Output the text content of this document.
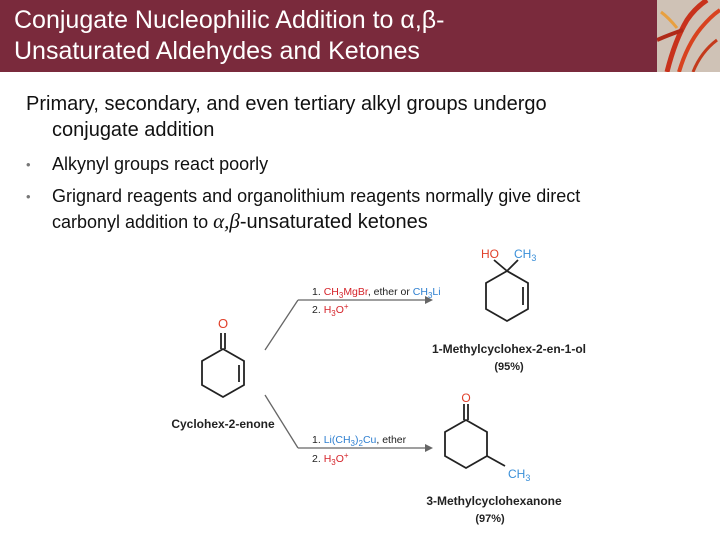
Conjugate Nucleophilic Addition to α,β-
Unsaturated Aldehydes and Ketones
Primary, secondary, and even tertiary alkyl groups undergo
conjugate addition
• Alkynyl groups react poorly
• Grignard reagents and organolithium reagents normally give direct
carbonyl addition to α,β-unsaturated ketones
O
Cyclohex-2-enone
1. $CH_3MgBr$, ether or $CH_3Li$
2. $H_3O^+$
HO $CH_3$
1-Methylcyclohex-2-en-1-ol
(95%)
1. $Li(CH_3)_2Cu$, ether
2. $H_3O^+$
O
$CH_3$
3-Methylcyclohexanone
(97%)
